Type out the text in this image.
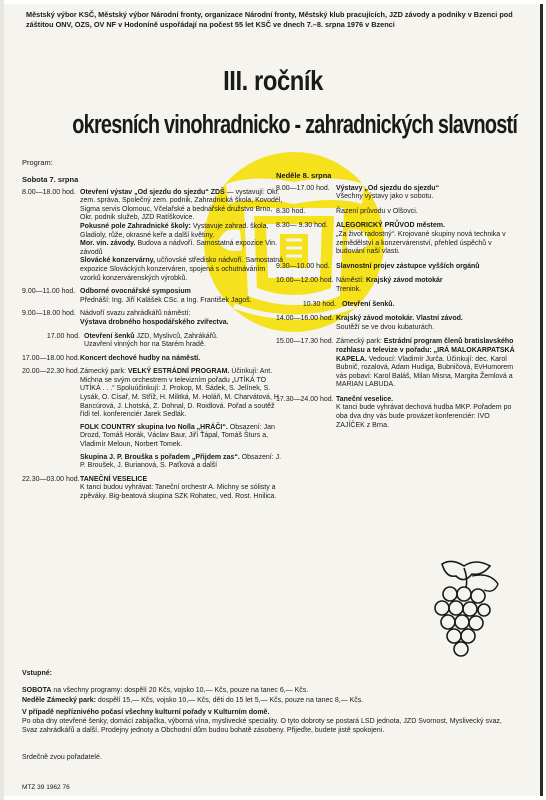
Městský výbor KSČ, Městský výbor Národní fronty, organizace Národní fronty, Městský klub pracujících, JZD závody a podniky v Bzenci pod záštitou ONV, OZS, OV NF v Hodoníně uspořádají na počest 55 let KSČ ve dnech 7.–8. srpna 1976 v Bzenci
III. ročník
okresních vinohradnicko - zahradnických slavností
Program:
Sobota 7. srpna
8.00—18.00 hod. Otevření výstav „Od sjezdu do sjezdu“ ZDŠ — vystavují: Okr. zem. správa, Společný zem. podnik, Zahradnická škola, Kovodél, Sigma servis Olomouc, Včelařské a bednářské družstvo Brno, Okr. podnik služeb, JZD Ratíškovice.

Pokusné pole Zahradnické školy: Vystavuje zahrad. škola, Gladioly, růže, okrasné keře a další květiny.

Mor. vin. závody. Budova a nádvoří. Samostatná expozice Vin. závodů

Slovácké konzervárny, učňovské středisko nádvoří. Samostatná expozice Slováckých konzerváren, spojená s ochutnáváním vzorků konzervárenských výrobků.

9.00—11.00 hod. Odborné ovocnářské symposium

Přednáší: Ing. Jiří Kalášek CSc. a Ing. František Jagoš.

9.00—18.00 hod. Nádvoří svazu zahrádkářů náměstí:

Výstava drobného hospodářského zvířectva.

17.00 hod. Otevření šenků JZD, Myslivců, Zahrákářů.

Uzavření vinných hor na Starém hradě.

17.00—18.00 hod. Koncert dechové hudby na náměstí.
20.00—22.30 hod. Zámecký park: VELKÝ ESTRÁDNÍ PROGRAM. Účinkují: Ant. Michna se svým orchestrem v televizním pořadu „UTÍKÁ TO UTÍKÁ . . .“ Spoluúčinkují: J. Prokop, M. Šádek, S. Jelínek, S. Lysák, O. Císař, M. Stříž, H. Militká, M. Holáň, M. Charvátová, H. Bancúrová, J. Lhotská, Z. Dohnal, D. Roidlová. Pořad a soutěž řídí tel. konferenciér Jarek Sedlák.

FOLK COUNTRY skupina Ivo Nolla „HRÁČI“. Obsazení: Jan Drozd, Tomáš Horák, Václav Baur, Jiří Ťápal, Tomáš Šturs a, Vladimír Meloun, Norbert Tomek.

Skupina J. P. Brouška s pořadem „Přijdem zas“. Obsazení: J. P. Broušek, J. Burianová, S. Paťková a další

22.30—03.00 hod. TANEČNÍ VESELICE

K tanci budou vyhrávat: Taneční orchestr A. Michny se sólisty a zpěváky. Big-beatová skupina SZK Rohatec, ved. Rost. Hnilica.

Neděle 8. srpna
8.00—17.00 hod. Výstavy „Od sjezdu do sjezdu“

Všechny výstavy jako v sobotu.

8.30 hod.	Řazení průvodu v Olšovci.
8.30— 9.30 hod.	ALEGORICKÝ PRŮVOD městem.

„Za život radostný“. Krojované skupiny nová technika v zemědělství a konzervárenství, přehled úspěchů v budování naší vlasti.

9.30—10.00 hod. Slavnostní projev zástupce vyšších orgánů
10.00—12.00 hod. Náměstí: Krajský závod motokár

Trenink.

10.30 hod. Otevření šenků.
14.00—16.00 hod. Krajský závod motokár. Vlastní závod.

Soutěží se ve dvou kubaturách.

15.00—17.30 hod. Zámecký park: Estrádní program členů bratislavského rozhlasu a televize v pořadu: „IRÁ MALOKARPATSKÁ KAPELA. Vedoucí: Vladimír Jurča. Účinkují: dec. Karol Bubnič, rozalová, Adam Hudiga, Bubničová, EvHumorem vás pobaví: Karol Baláš, Milan Misna, Margita Žemlová a MARIAN LABUDA.
17.30—24.00 hod. Taneční veselice.

K tanci bude vyhrávat dechová hudba MKP. Pořadem po oba dva dny vás bude provázet konferenciér: IVO ZAJÍČEK z Brna.

Vstupné:

SOBOTA na všechny programy: dospělí 20 Kčs, vojsko 10,— Kčs, pouze na tanec 6,— Kčs.

Neděle Zámecký park: dospělí 15,— Kčs, vojsko 10,— Kčs, děti do 15 let 5,— Kčs, pouze na tanec 8,— Kčs.

V případě nepříznivého počasí všechny kulturní pořady v Kulturním domě.
Po oba dny otevřené šenky, domácí zabijačka, výborná vína, myslivecké speciality. O tyto dobroty se postará LSD jednota, JZD Svornost, Myslivecký svaz, Svaz zahrádkářů a další. Prodejny jednoty a Obchodní dům budou bohatě zásobeny. Přijeďte, budete jistě spokojeni.

Srdečně zvou pořadatelé.
MTZ 39 1962 76
